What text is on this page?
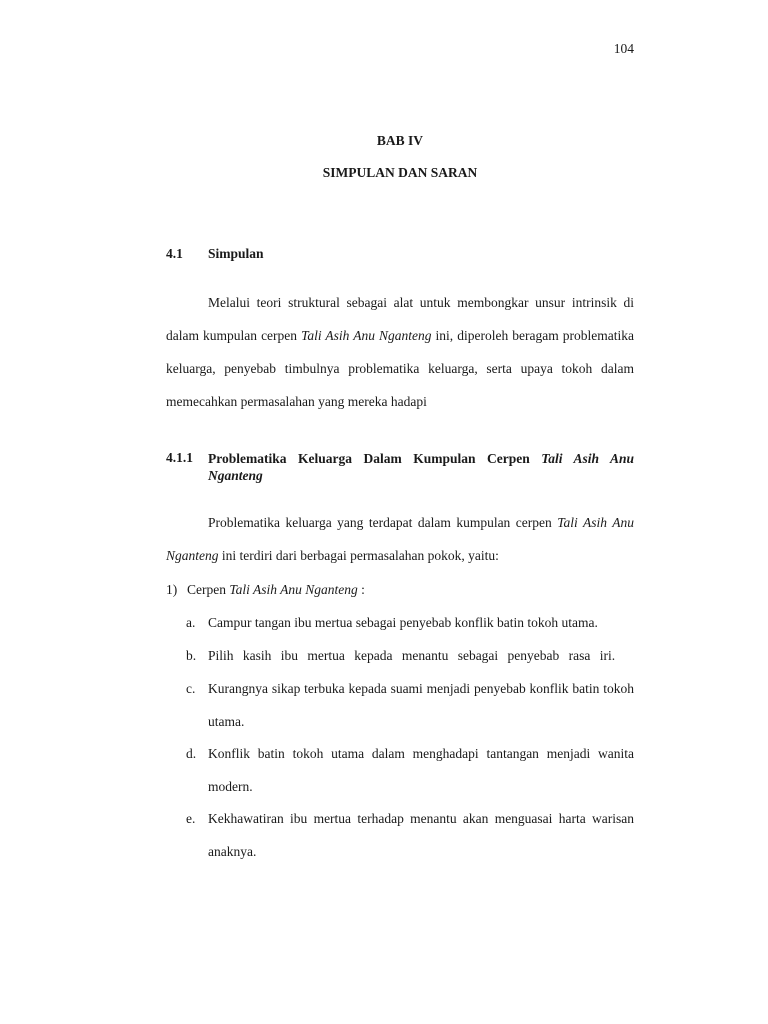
104
BAB IV
SIMPULAN DAN SARAN
4.1 Simpulan

Melalui teori struktural sebagai alat untuk membongkar unsur intrinsik di dalam kumpulan cerpen Tali Asih Anu Nganteng ini, diperoleh beragam problematika keluarga, penyebab timbulnya problematika keluarga, serta upaya tokoh dalam memecahkan permasalahan yang mereka hadapi

4.1.1 Problematika Keluarga Dalam Kumpulan Cerpen Tali Asih Anu Nganteng

Problematika keluarga yang terdapat dalam kumpulan cerpen Tali Asih Anu Nganteng ini terdiri dari berbagai permasalahan pokok, yaitu:

1) Cerpen Tali Asih Anu Nganteng :
a. Campur tangan ibu mertua sebagai penyebab konflik batin tokoh utama.
b. Pilih kasih ibu mertua kepada menantu sebagai penyebab rasa iri.
c. Kurangnya sikap terbuka kepada suami menjadi penyebab konflik batin tokoh utama.
d. Konflik batin tokoh utama dalam menghadapi tantangan menjadi wanita modern.
e. Kekhawatiran ibu mertua terhadap menantu akan menguasai harta warisan anaknya.
